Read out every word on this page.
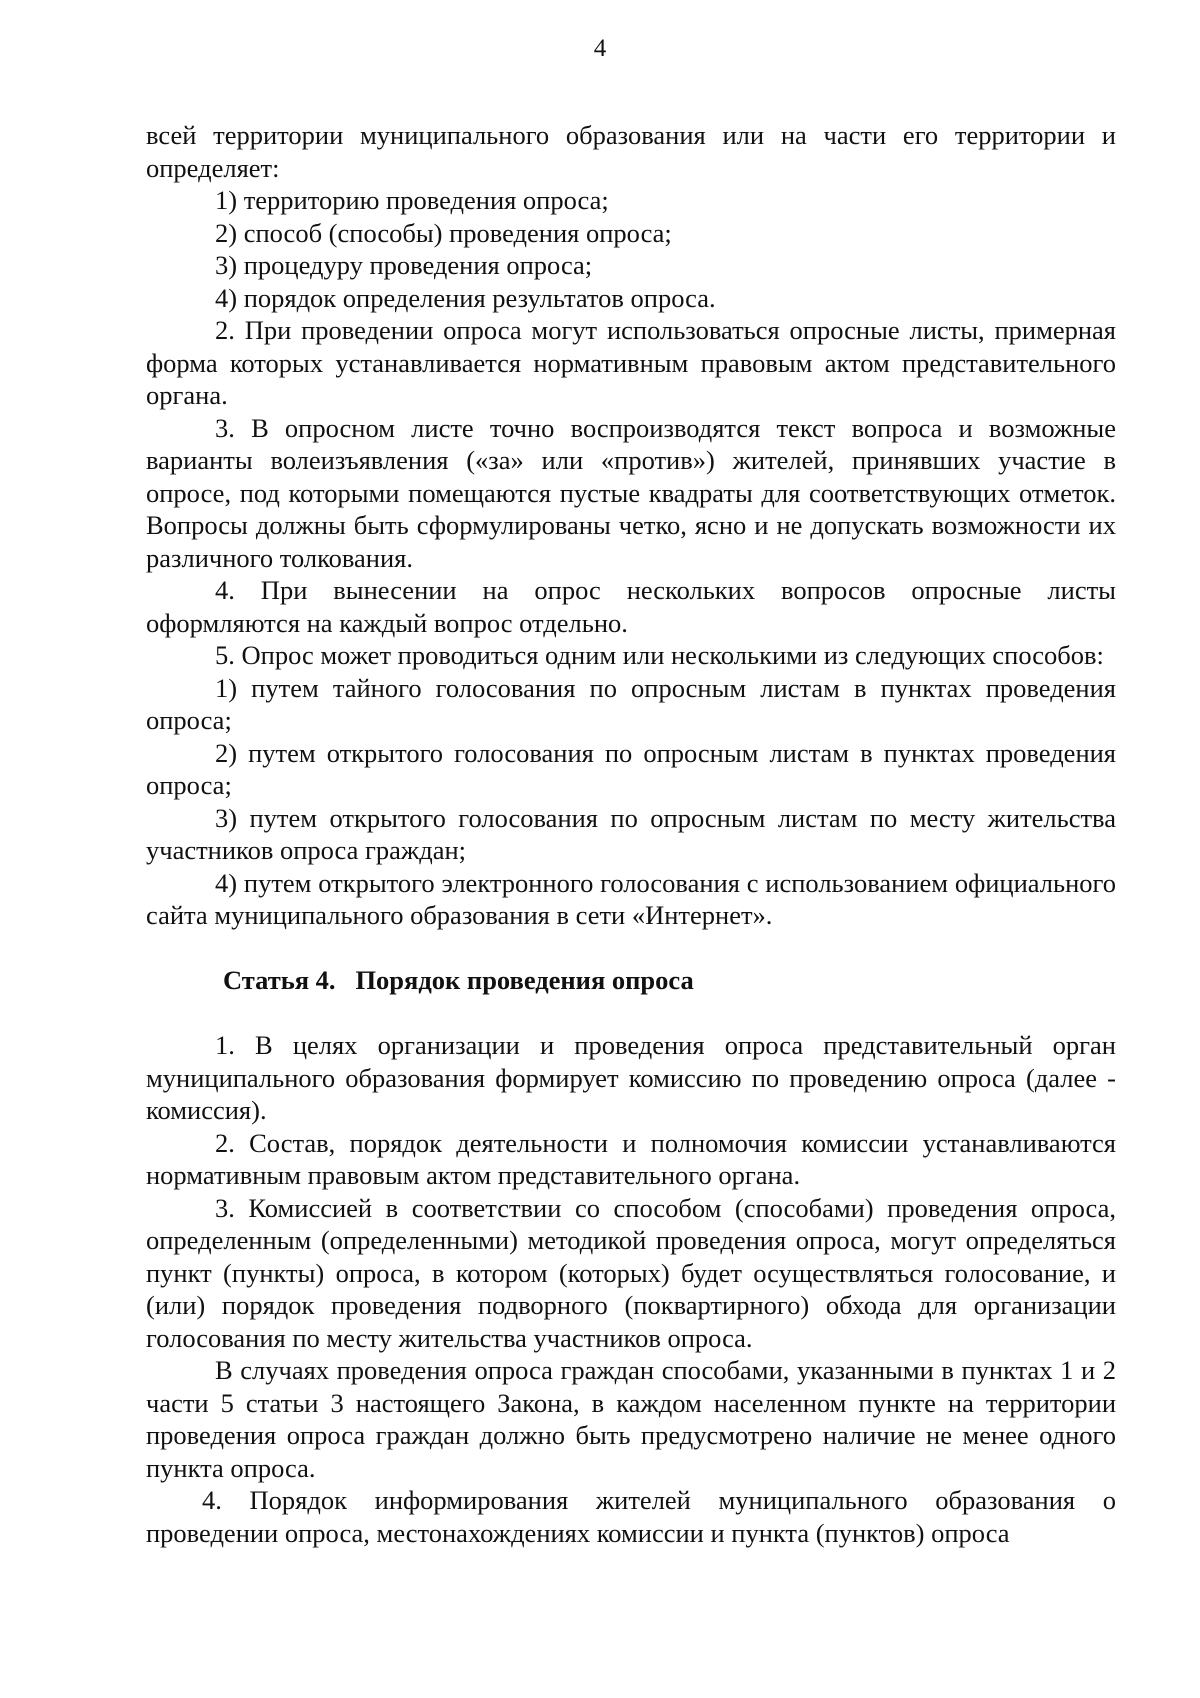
4

всей территории муниципального образования или на части его территории и определяет:

1) территорию проведения опроса;

2) способ (способы) проведения опроса;

3) процедуру проведения опроса;

4) порядок определения результатов опроса.

2. При проведении опроса могут использоваться опросные листы, примерная форма которых устанавливается нормативным правовым актом представительного органа.

3. В опросном листе точно воспроизводятся текст вопроса и возможные варианты волеизъявления («за» или «против») жителей, принявших участие в опросе, под которыми помещаются пустые квадраты для соответствующих отметок. Вопросы должны быть сформулированы четко, ясно и не допускать возможности их различного толкования.

4. При вынесении на опрос нескольких вопросов опросные листы оформляются на каждый вопрос отдельно.

5. Опрос может проводиться одним или несколькими из следующих способов:

1) путем тайного голосования по опросным листам в пунктах проведения опроса;

2) путем открытого голосования по опросным листам в пунктах проведения опроса;

3) путем открытого голосования по опросным листам по месту жительства участников опроса граждан;

4) путем открытого электронного голосования с использованием официального сайта муниципального образования в сети «Интернет».

Статья 4. Порядок проведения опроса

1. В целях организации и проведения опроса представительный орган муниципального образования формирует комиссию по проведению опроса (далее - комиссия).

2. Состав, порядок деятельности и полномочия комиссии устанавливаются нормативным правовым актом представительного органа.

3. Комиссией в соответствии со способом (способами) проведения опроса, определенным (определенными) методикой проведения опроса, могут определяться пункт (пункты) опроса, в котором (которых) будет осуществляться голосование, и (или) порядок проведения подворного (поквартирного) обхода для организации голосования по месту жительства участников опроса.

В случаях проведения опроса граждан способами, указанными в пунктах 1 и 2 части 5 статьи 3 настоящего Закона, в каждом населенном пункте на территории проведения опроса граждан должно быть предусмотрено наличие не менее одного пункта опроса.

4. Порядок информирования жителей муниципального образования о проведении опроса, местонахождениях комиссии и пункта (пунктов) опроса
